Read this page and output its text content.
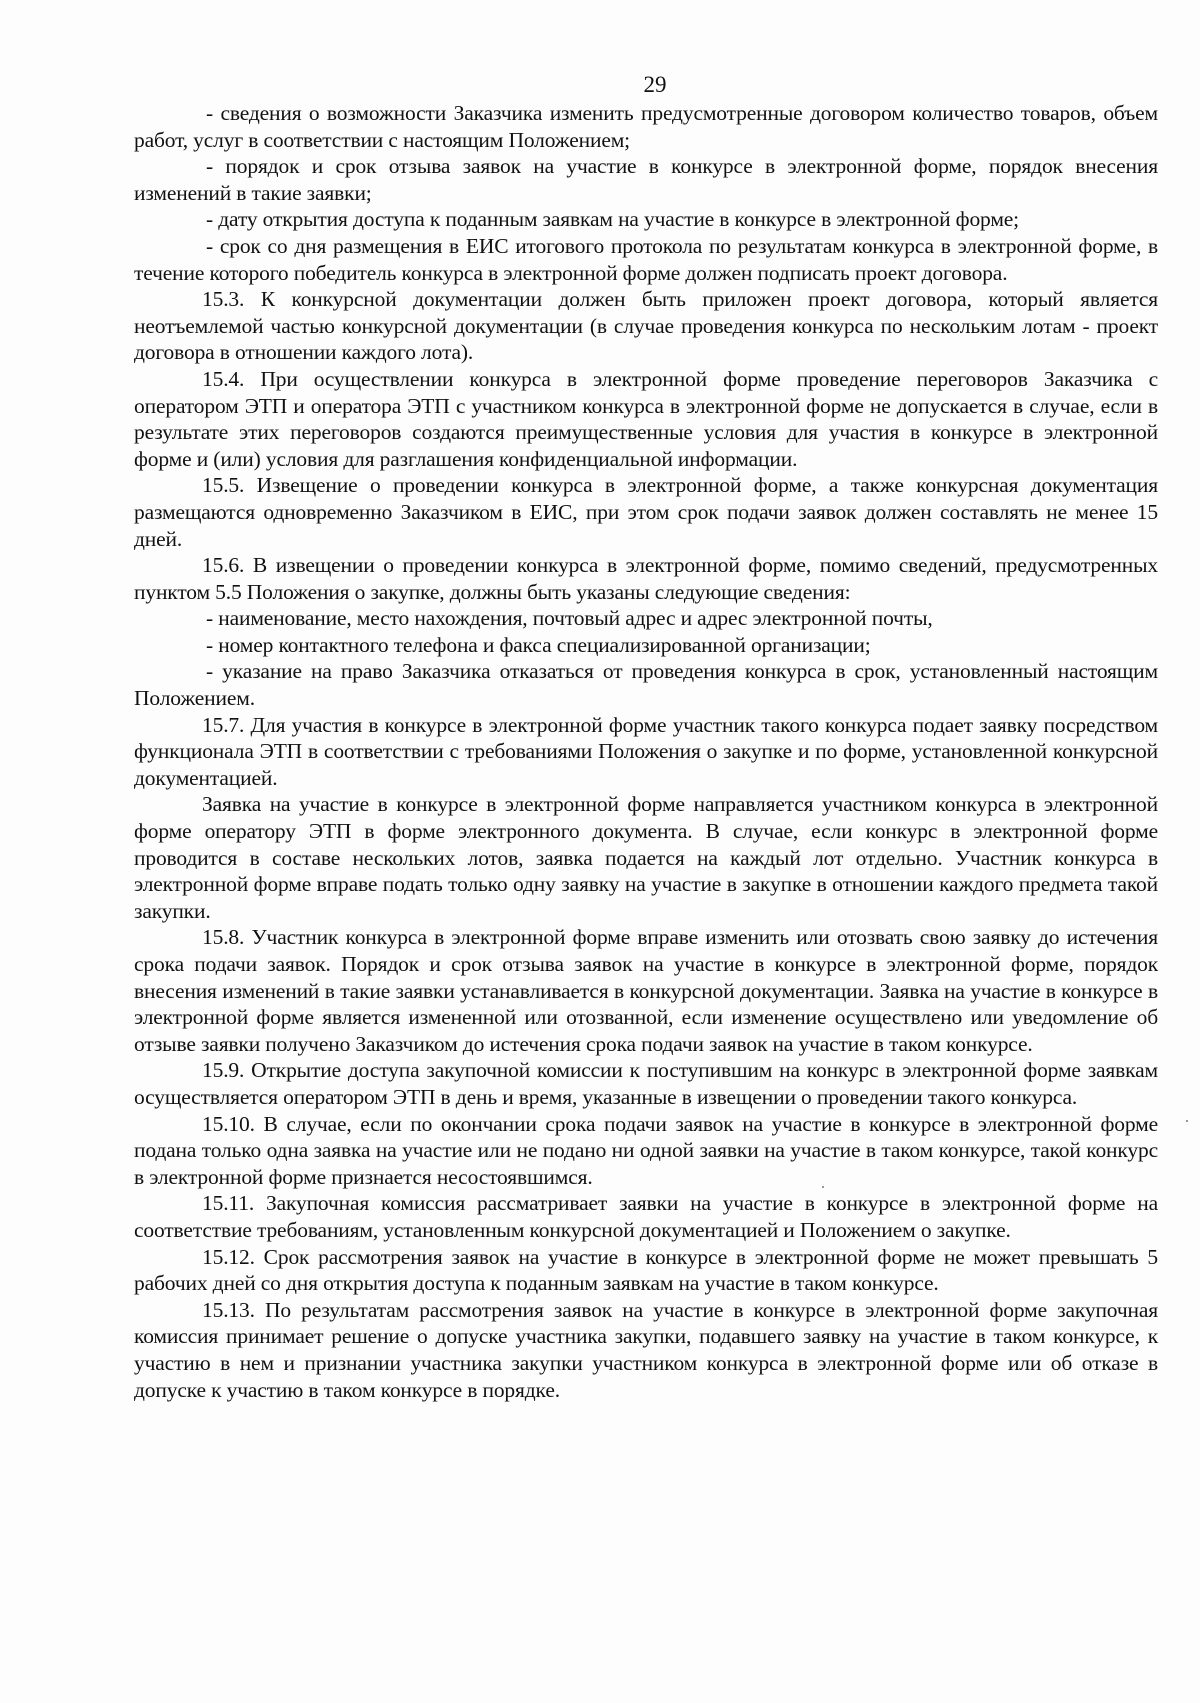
29

- сведения о возможности Заказчика изменить предусмотренные договором количество товаров, объем работ, услуг в соответствии с настоящим Положением;

- порядок и срок отзыва заявок на участие в конкурсе в электронной форме, порядок внесения изменений в такие заявки;

- дату открытия доступа к поданным заявкам на участие в конкурсе в электронной форме;

- срок со дня размещения в ЕИС итогового протокола по результатам конкурса в электронной форме, в течение которого победитель конкурса в электронной форме должен подписать проект договора.

15.3. К конкурсной документации должен быть приложен проект договора, который является неотъемлемой частью конкурсной документации (в случае проведения конкурса по нескольким лотам - проект договора в отношении каждого лота).

15.4. При осуществлении конкурса в электронной форме проведение переговоров Заказчика с оператором ЭТП и оператора ЭТП с участником конкурса в электронной форме не допускается в случае, если в результате этих переговоров создаются преимущественные условия для участия в конкурсе в электронной форме и (или) условия для разглашения конфиденциальной информации.

15.5. Извещение о проведении конкурса в электронной форме, а также конкурсная документация размещаются одновременно Заказчиком в ЕИС, при этом срок подачи заявок должен составлять не менее 15 дней.

15.6. В извещении о проведении конкурса в электронной форме, помимо сведений, предусмотренных пунктом 5.5 Положения о закупке, должны быть указаны следующие сведения:

- наименование, место нахождения, почтовый адрес и адрес электронной почты,

- номер контактного телефона и факса специализированной организации;

- указание на право Заказчика отказаться от проведения конкурса в срок, установленный настоящим Положением.

15.7. Для участия в конкурсе в электронной форме участник такого конкурса подает заявку посредством функционала ЭТП в соответствии с требованиями Положения о закупке и по форме, установленной конкурсной документацией.

Заявка на участие в конкурсе в электронной форме направляется участником конкурса в электронной форме оператору ЭТП в форме электронного документа. В случае, если конкурс в электронной форме проводится в составе нескольких лотов, заявка подается на каждый лот отдельно. Участник конкурса в электронной форме вправе подать только одну заявку на участие в закупке в отношении каждого предмета такой закупки.

15.8. Участник конкурса в электронной форме вправе изменить или отозвать свою заявку до истечения срока подачи заявок. Порядок и срок отзыва заявок на участие в конкурсе в электронной форме, порядок внесения изменений в такие заявки устанавливается в конкурсной документации. Заявка на участие в конкурсе в электронной форме является измененной или отозванной, если изменение осуществлено или уведомление об отзыве заявки получено Заказчиком до истечения срока подачи заявок на участие в таком конкурсе.

15.9. Открытие доступа закупочной комиссии к поступившим на конкурс в электронной форме заявкам осуществляется оператором ЭТП в день и время, указанные в извещении о проведении такого конкурса.

15.10. В случае, если по окончании срока подачи заявок на участие в конкурсе в электронной форме подана только одна заявка на участие или не подано ни одной заявки на участие в таком конкурсе, такой конкурс в электронной форме признается несостоявшимся.

15.11. Закупочная комиссия рассматривает заявки на участие в конкурсе в электронной форме на соответствие требованиям, установленным конкурсной документацией и Положением о закупке.

15.12. Срок рассмотрения заявок на участие в конкурсе в электронной форме не может превышать 5 рабочих дней со дня открытия доступа к поданным заявкам на участие в таком конкурсе.

15.13. По результатам рассмотрения заявок на участие в конкурсе в электронной форме закупочная комиссия принимает решение о допуске участника закупки, подавшего заявку на участие в таком конкурсе, к участию в нем и признании участника закупки участником конкурса в электронной форме или об отказе в допуске к участию в таком конкурсе в порядке.
